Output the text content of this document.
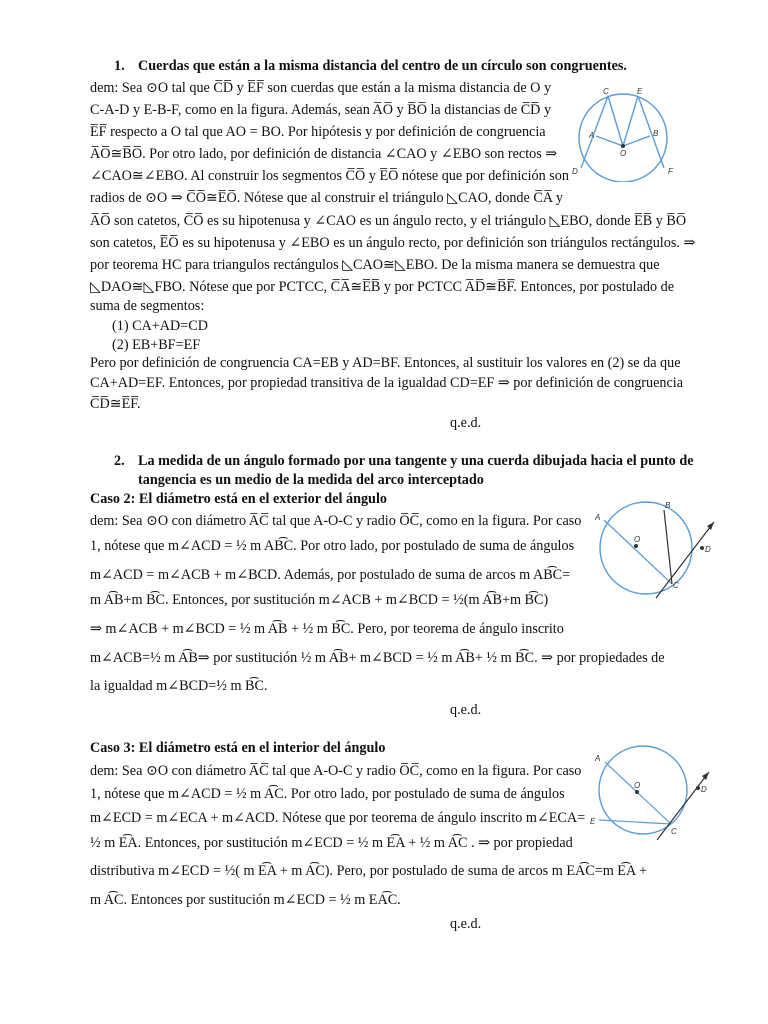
1. Cuerdas que están a la misma distancia del centro de un círculo son congruentes.
dem: Sea ⊙O tal que C̅D̅ y E̅F̅ son cuerdas que están a la misma distancia de O y
C-A-D y E-B-F, como en la figura. Además, sean A̅O̅ y B̅O̅ la distancias de C̅D̅ y
E̅F̅ respecto a O tal que AO = BO. Por hipótesis y por definición de congruencia
A̅O̅≅B̅O̅. Por otro lado, por definición de distancia ∠CAO y ∠EBO son rectos ⇒
∠CAO≅∠EBO. Al construir los segmentos C̅O̅ y E̅O̅ nótese que por definición son
radios de ⊙O ⇒ C̅O̅≅E̅O̅. Nótese que al construir el triángulo ◺CAO, donde C̅A̅ y
A̅O̅ son catetos, C̅O̅ es su hipotenusa y ∠CAO es un ángulo recto, y el triángulo ◺EBO, donde E̅B̅ y B̅O̅
son catetos, E̅O̅ es su hipotenusa y ∠EBO es un ángulo recto, por definición son triángulos rectángulos. ⇒
por teorema HC para triangulos rectángulos ◺CAO≅◺EBO. De la misma manera se demuestra que
◺DAO≅◺FBO. Nótese que por PCTCC, C̅A̅≅E̅B̅ y por PCTCC A̅D̅≅B̅F̅. Entonces, por postulado de
suma de segmentos:
(1) CA+AD=CD
(2) EB+BF=EF
Pero por definición de congruencia CA=EB y AD=BF. Entonces, al sustituir los valores en (2) se da que
CA+AD=EF. Entonces, por propiedad transitiva de la igualdad CD=EF ⇒ por definición de congruencia
C̅D̅≅E̅F̅.
q.e.d.
C	E
A	B
O
D	F
2. La medida de un ángulo formado por una tangente y una cuerda dibujada hacia el punto de
tangencia es un medio de la medida del arco interceptado
Caso 2: El diámetro está en el exterior del ángulo
dem: Sea ⊙O con diámetro A̅C̅ tal que A-O-C y radio O̅C̅, como en la figura. Por caso
1, nótese que m∠ACD = ½ m AB͡C. Por otro lado, por postulado de suma de ángulos
m∠ACD = m∠ACB + m∠BCD. Además, por postulado de suma de arcos m AB͡C=
m A͡B+m B͡C. Entonces, por sustitución m∠ACB + m∠BCD = ½(m A͡B+m B͡C)
⇒ m∠ACB + m∠BCD = ½ m A͡B + ½ m B͡C. Pero, por teorema de ángulo inscrito
m∠ACB=½ m A͡B⇒ por sustitución ½ m A͡B+ m∠BCD = ½ m A͡B+ ½ m B͡C. ⇒ por propiedades de
la igualdad m∠BCD=½ m B͡C.
q.e.d.
A
B
O
D
C
Caso 3: El diámetro está en el interior del ángulo
dem: Sea ⊙O con diámetro A̅C̅ tal que A-O-C y radio O̅C̅, como en la figura. Por caso
1, nótese que m∠ACD = ½ m A͡C. Por otro lado, por postulado de suma de ángulos
m∠ECD = m∠ECA + m∠ACD. Nótese que por teorema de ángulo inscrito m∠ECA=
½ m E͡A. Entonces, por sustitución m∠ECD = ½ m E͡A + ½ m A͡C . ⇒ por propiedad
distributiva m∠ECD = ½( m E͡A + m A͡C). Pero, por postulado de suma de arcos m EA͡C=m E͡A +
m A͡C. Entonces por sustitución m∠ECD = ½ m EA͡C.
q.e.d.
A
O	D
E
C
